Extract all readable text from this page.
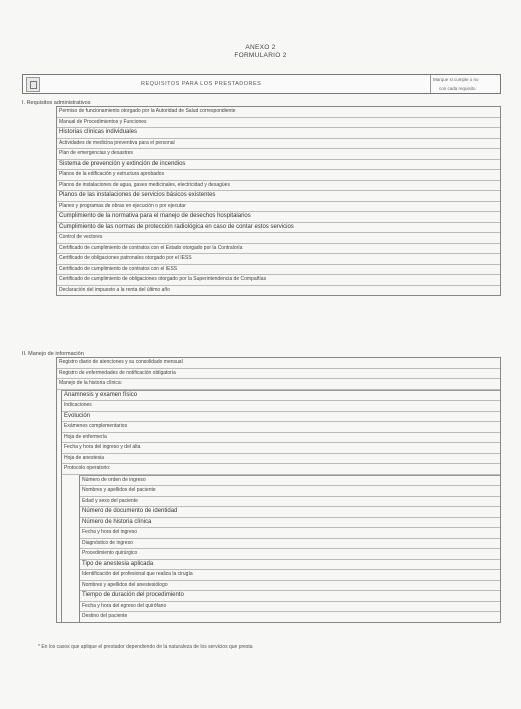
ANEXO 2
FORMULARIO 2
REQUISITOS PARA LOS PRESTADORES
Marque si cumple o no
con cada requisito
I. Requisitos administrativos
Permiso de funcionamiento otorgado por la Autoridad de Salud correspondiente
Manual de Procedimientos y Funciones
Historias clínicas individuales
Actividades de medicina preventiva para el personal
Plan de emergencias y desastres
Sistema de prevención y extinción de incendios
Planos de la edificación y estructura aprobados
Planos de instalaciones de agua, gases medicinales, electricidad y desagües
Planos de las instalaciones de servicios básicos existentes
Planes y programas de obras en ejecución o por ejecutar
Cumplimiento de la normativa para el manejo de desechos hospitalarios
Cumplimiento de las normas de protección radiológica en caso de contar estos servicios
Control de vectores
Certificado de cumplimiento de contratos con el Estado otorgado por la Contraloría
Certificado de obligaciones patronales otorgado por el IESS
Certificado de cumplimiento de contratos con el IESS
Certificado de cumplimiento de obligaciones otorgado por la Superintendencia de Compañías
Declaración del impuesto a la renta del último año
II. Manejo de información
Registro diario de atenciones y su consolidado mensual
Registro de enfermedades de notificación obligatoria
Manejo de la historia clínica:
Anamnesis y examen físico
Indicaciones
Evolución
Exámenes complementarios
Hoja de enfermería
Fecha y hora del ingreso y del alta
Hoja de anestesia
Protocolo operatorio:
Número de orden de ingreso
Nombres y apellidos del paciente
Edad y sexo del paciente
Número de documento de identidad
Número de historia clínica
Fecha y hora del ingreso
Diagnóstico de ingreso
Procedimiento quirúrgico
Tipo de anestesia aplicada
Identificación del profesional que realiza la cirugía
Nombres y apellidos del anestesiólogo
Tiempo de duración del procedimiento
Fecha y hora del egreso del quirófano
Destino del paciente
* En los casos que aplique el prestador dependiendo de la naturaleza de los servicios que presta
